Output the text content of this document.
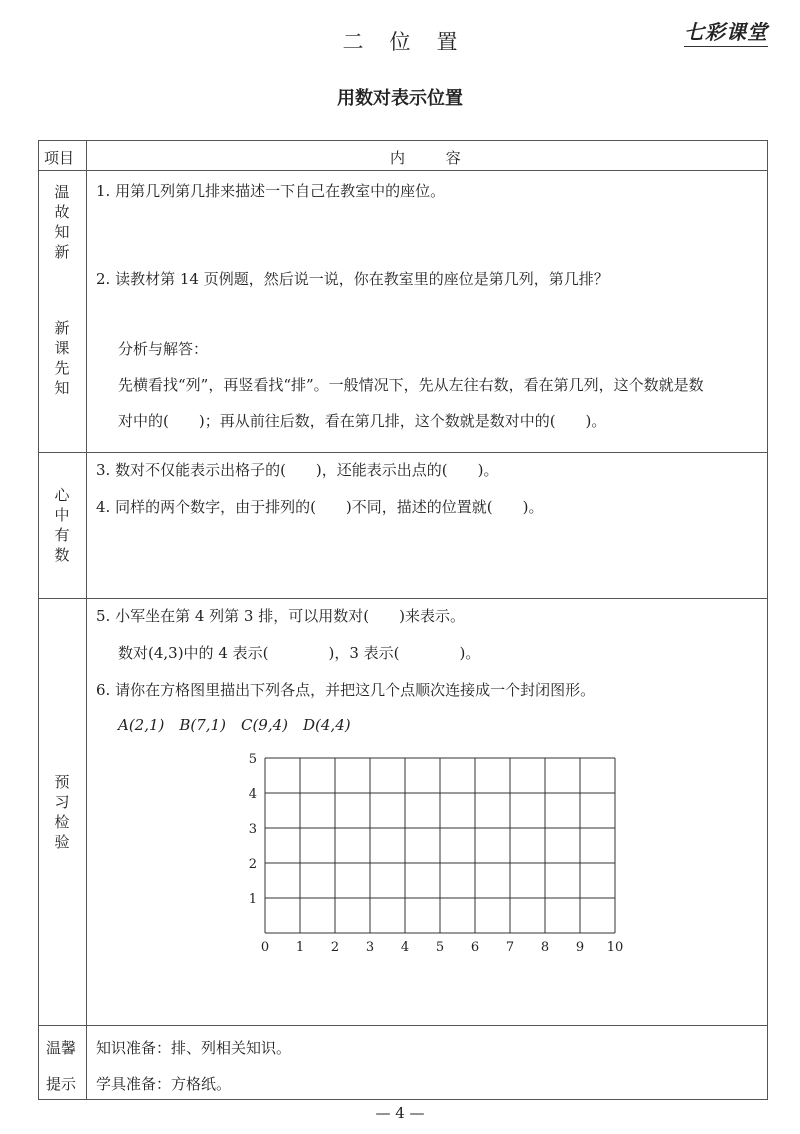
二位置	七彩课堂
用数对表示位置
项目	内 容
温故知新
新课先知
心中有数
预习检验
温馨
提示
1. 用第几列第几排来描述一下自己在教室中的座位。
2. 读教材第 14 页例题，然后说一说，你在教室里的座位是第几列，第几排？
分析与解答：
先横看找“列”，再竖看找“排”。一般情况下，先从左往右数，看在第几列，这个数就是数
对中的(　　)；再从前往后数，看在第几排，这个数就是数对中的(　　)。
3. 数对不仅能表示出格子的(　　)，还能表示出点的(　　)。
4. 同样的两个数字，由于排列的(　　)不同，描述的位置就(　　)。
5. 小军坐在第 4 列第 3 排，可以用数对(　　)来表示。
数对(4,3)中的 4 表示(　　　　)，3 表示(　　　　)。
6. 请你在方格图里描出下列各点，并把这几个点顺次连接成一个封闭图形。
A(2,1)　B(7,1)　C(9,4)　D(4,4)
0 1 2 3 4 5 6 7 8 9 10
1
2
3
4
5
知识准备：排、列相关知识。
学具准备：方格纸。
— 4 —
